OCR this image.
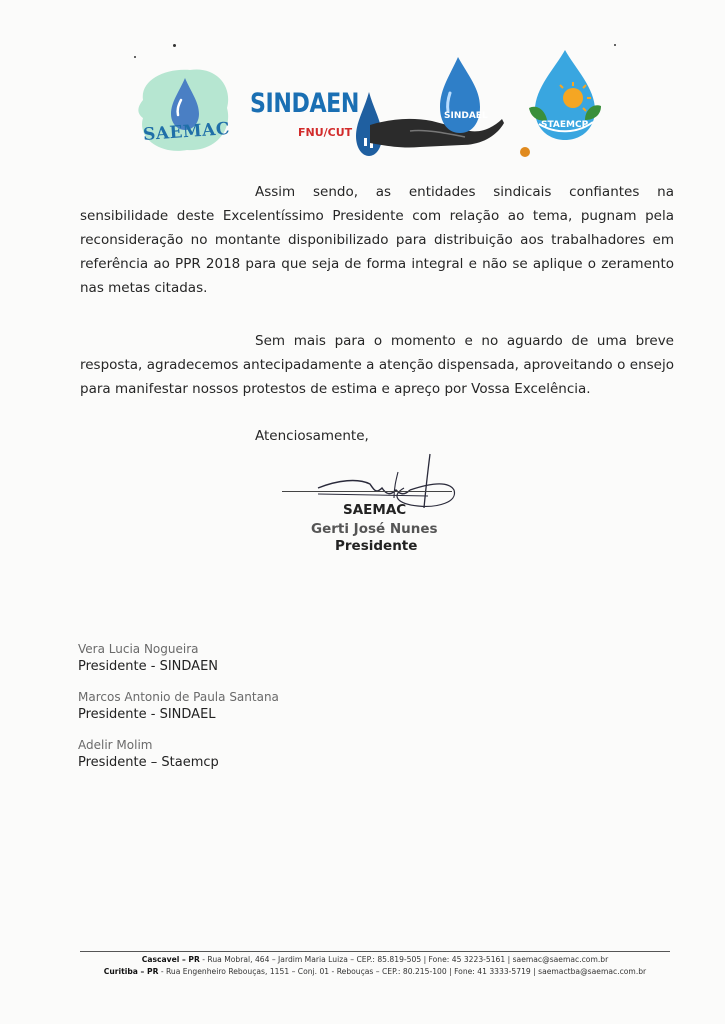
SAEMAC
SINDAEN
FNU/CUT
SINDAEL
STAEMCP

Assim sendo, as entidades sindicais confiantes na sensibilidade deste Excelentíssimo Presidente com relação ao tema, pugnam pela reconsideração no montante disponibilizado para distribuição aos trabalhadores em referência ao PPR 2018 para que seja de forma integral e não se aplique o zeramento nas metas citadas.

Sem mais para o momento e no aguardo de uma breve resposta, agradecemos antecipadamente a atenção dispensada, aproveitando o ensejo para manifestar nossos protestos de estima e apreço por Vossa Excelência.

Atenciosamente,
SAEMAC
Gerti José Nunes
Presidente
Vera Lucia Nogueira
Presidente - SINDAEN
Marcos Antonio de Paula Santana
Presidente - SINDAEL
Adelir Molim
Presidente – Staemcp
Cascavel – PR - Rua Mobral, 464 – Jardim Maria Luiza – CEP.: 85.819-505 | Fone: 45 3223-5161 | saemac@saemac.com.br
Curitiba – PR - Rua Engenheiro Rebouças, 1151 – Conj. 01 - Rebouças – CEP.: 80.215-100 | Fone: 41 3333-5719 | saemactba@saemac.com.br
